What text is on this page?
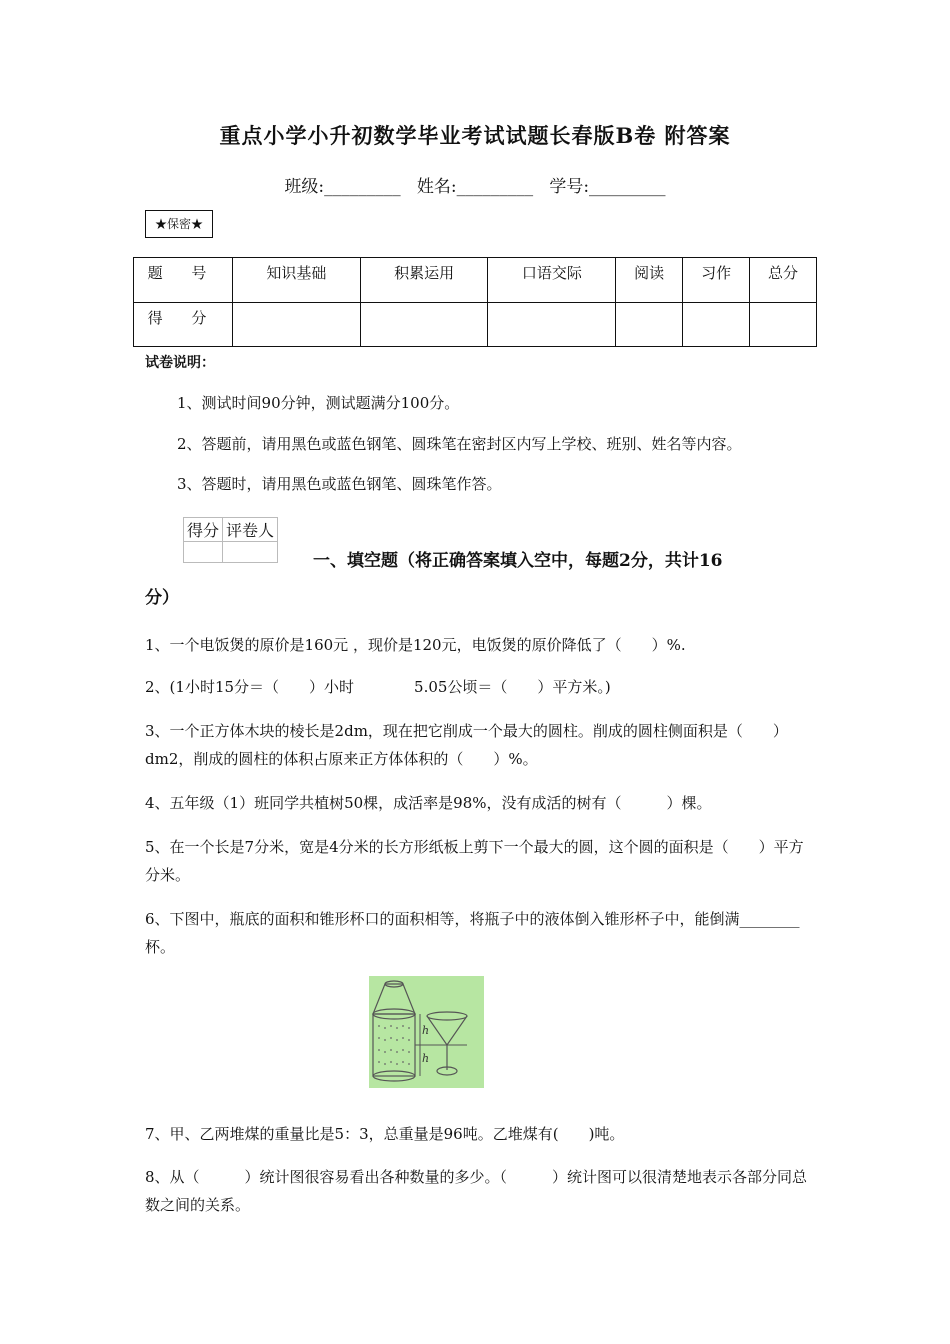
重点小学小升初数学毕业考试试题长春版B卷 附答案
班级:_________   姓名:_________   学号:_________
★保密★
题 号	知识基础	积累运用	口语交际	阅读	习作	总分
得 分						
试卷说明：
1、测试时间90分钟，测试题满分100分。
2、答题前，请用黑色或蓝色钢笔、圆珠笔在密封区内写上学校、班别、姓名等内容。
3、答题时，请用黑色或蓝色钢笔、圆珠笔作答。
得分	评卷人

一、填空题（将正确答案填入空中，每题2分，共计16
分）
1、一个电饭煲的原价是160元 ，现价是120元，电饭煲的原价降低了（　　）%.
2、(1小时15分＝（　　）小时　　　　5.05公顷＝（　　）平方米。)
3、一个正方体木块的棱长是2dm，现在把它削成一个最大的圆柱。削成的圆柱侧面积是（　　）dm2，削成的圆柱的体积占原来正方体体积的（　　）%。
4、五年级（1）班同学共植树50棵，成活率是98%，没有成活的树有（　　　）棵。
5、在一个长是7分米，宽是4分米的长方形纸板上剪下一个最大的圆，这个圆的面积是（　　）平方分米。
6、下图中，瓶底的面积和锥形杯口的面积相等，将瓶子中的液体倒入锥形杯子中，能倒满________杯。
h
h
7、甲、乙两堆煤的重量比是5：3，总重量是96吨。乙堆煤有(　　)吨。
8、从（　　　）统计图很容易看出各种数量的多少。（　　　）统计图可以很清楚地表示各部分同总数之间的关系。
